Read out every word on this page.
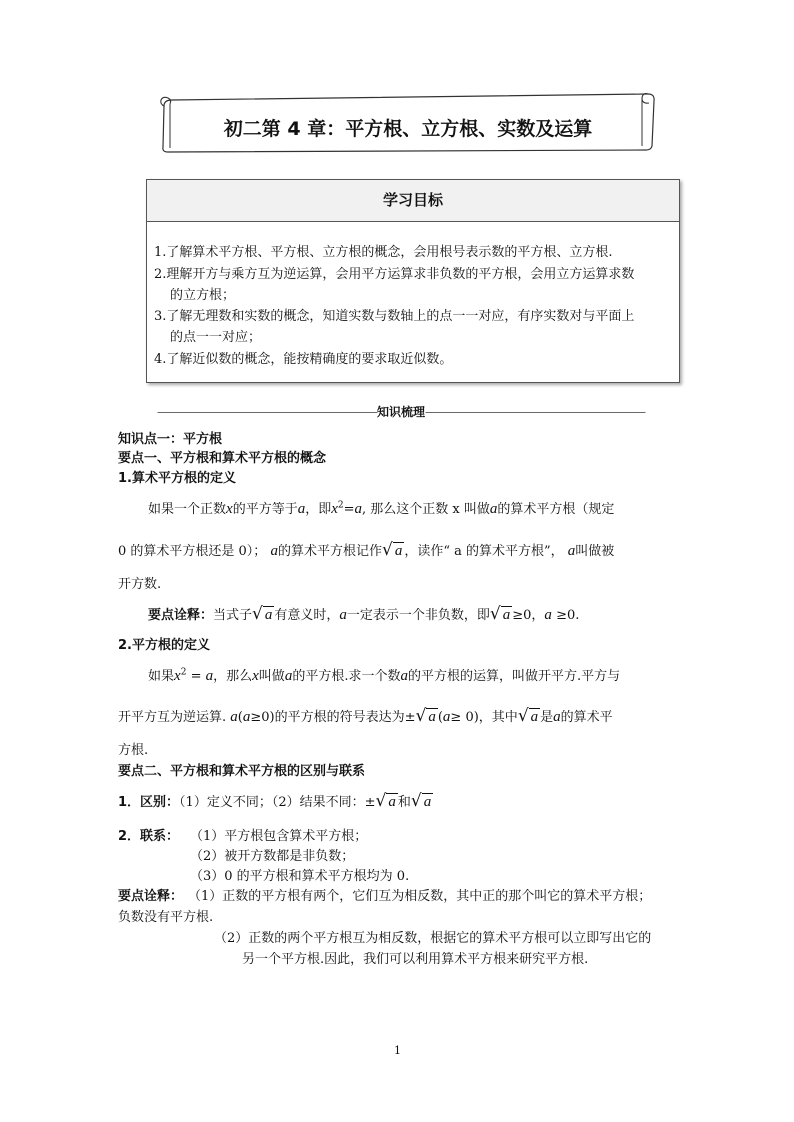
初二第 4 章：平方根、立方根、实数及运算
学习目标
1.了解算术平方根、平方根、立方根的概念，会用根号表示数的平方根、立方根.
2.理解开方与乘方互为逆运算，会用平方运算求非负数的平方根，会用立方运算求数
的立方根；
3.了解无理数和实数的概念，知道实数与数轴上的点一一对应，有序实数对与平面上
的点一一对应；
4.了解近似数的概念，能按精确度的要求取近似数。
————————————————————知识梳理————————————————————
知识点一：平方根
要点一、平方根和算术平方根的概念
1.算术平方根的定义
如果一个正数x的平方等于a，即$x^2=a$, 那么这个正数 x 叫做a的算术平方根（规定
0 的算术平方根还是 0）； a的算术平方根记作√ a ，读作“ a 的算术平方根”， a叫做被
开方数.
要点诠释：当式子√ a 有意义时，a一定表示一个非负数，即√ a ≥0，a ≥0.
2.平方根的定义
如果$x^2 = a$，那么x叫做a的平方根.求一个数a的平方根的运算，叫做开平方.平方与
开平方互为逆运算. a(a≥0)的平方根的符号表达为±√ a (a≥ 0)，其中√ a 是a的算术平
方根.
要点二、平方根和算术平方根的区别与联系
1．区别：（1）定义不同；（2）结果不同：±√ a 和√ a
2．联系： （1）平方根包含算术平方根；
（2）被开方数都是非负数；
（3）0 的平方根和算术平方根均为 0.
要点诠释： （1）正数的平方根有两个，它们互为相反数，其中正的那个叫它的算术平方根；
负数没有平方根.
（2）正数的两个平方根互为相反数，根据它的算术平方根可以立即写出它的
另一个平方根.因此，我们可以利用算术平方根来研究平方根.
1
